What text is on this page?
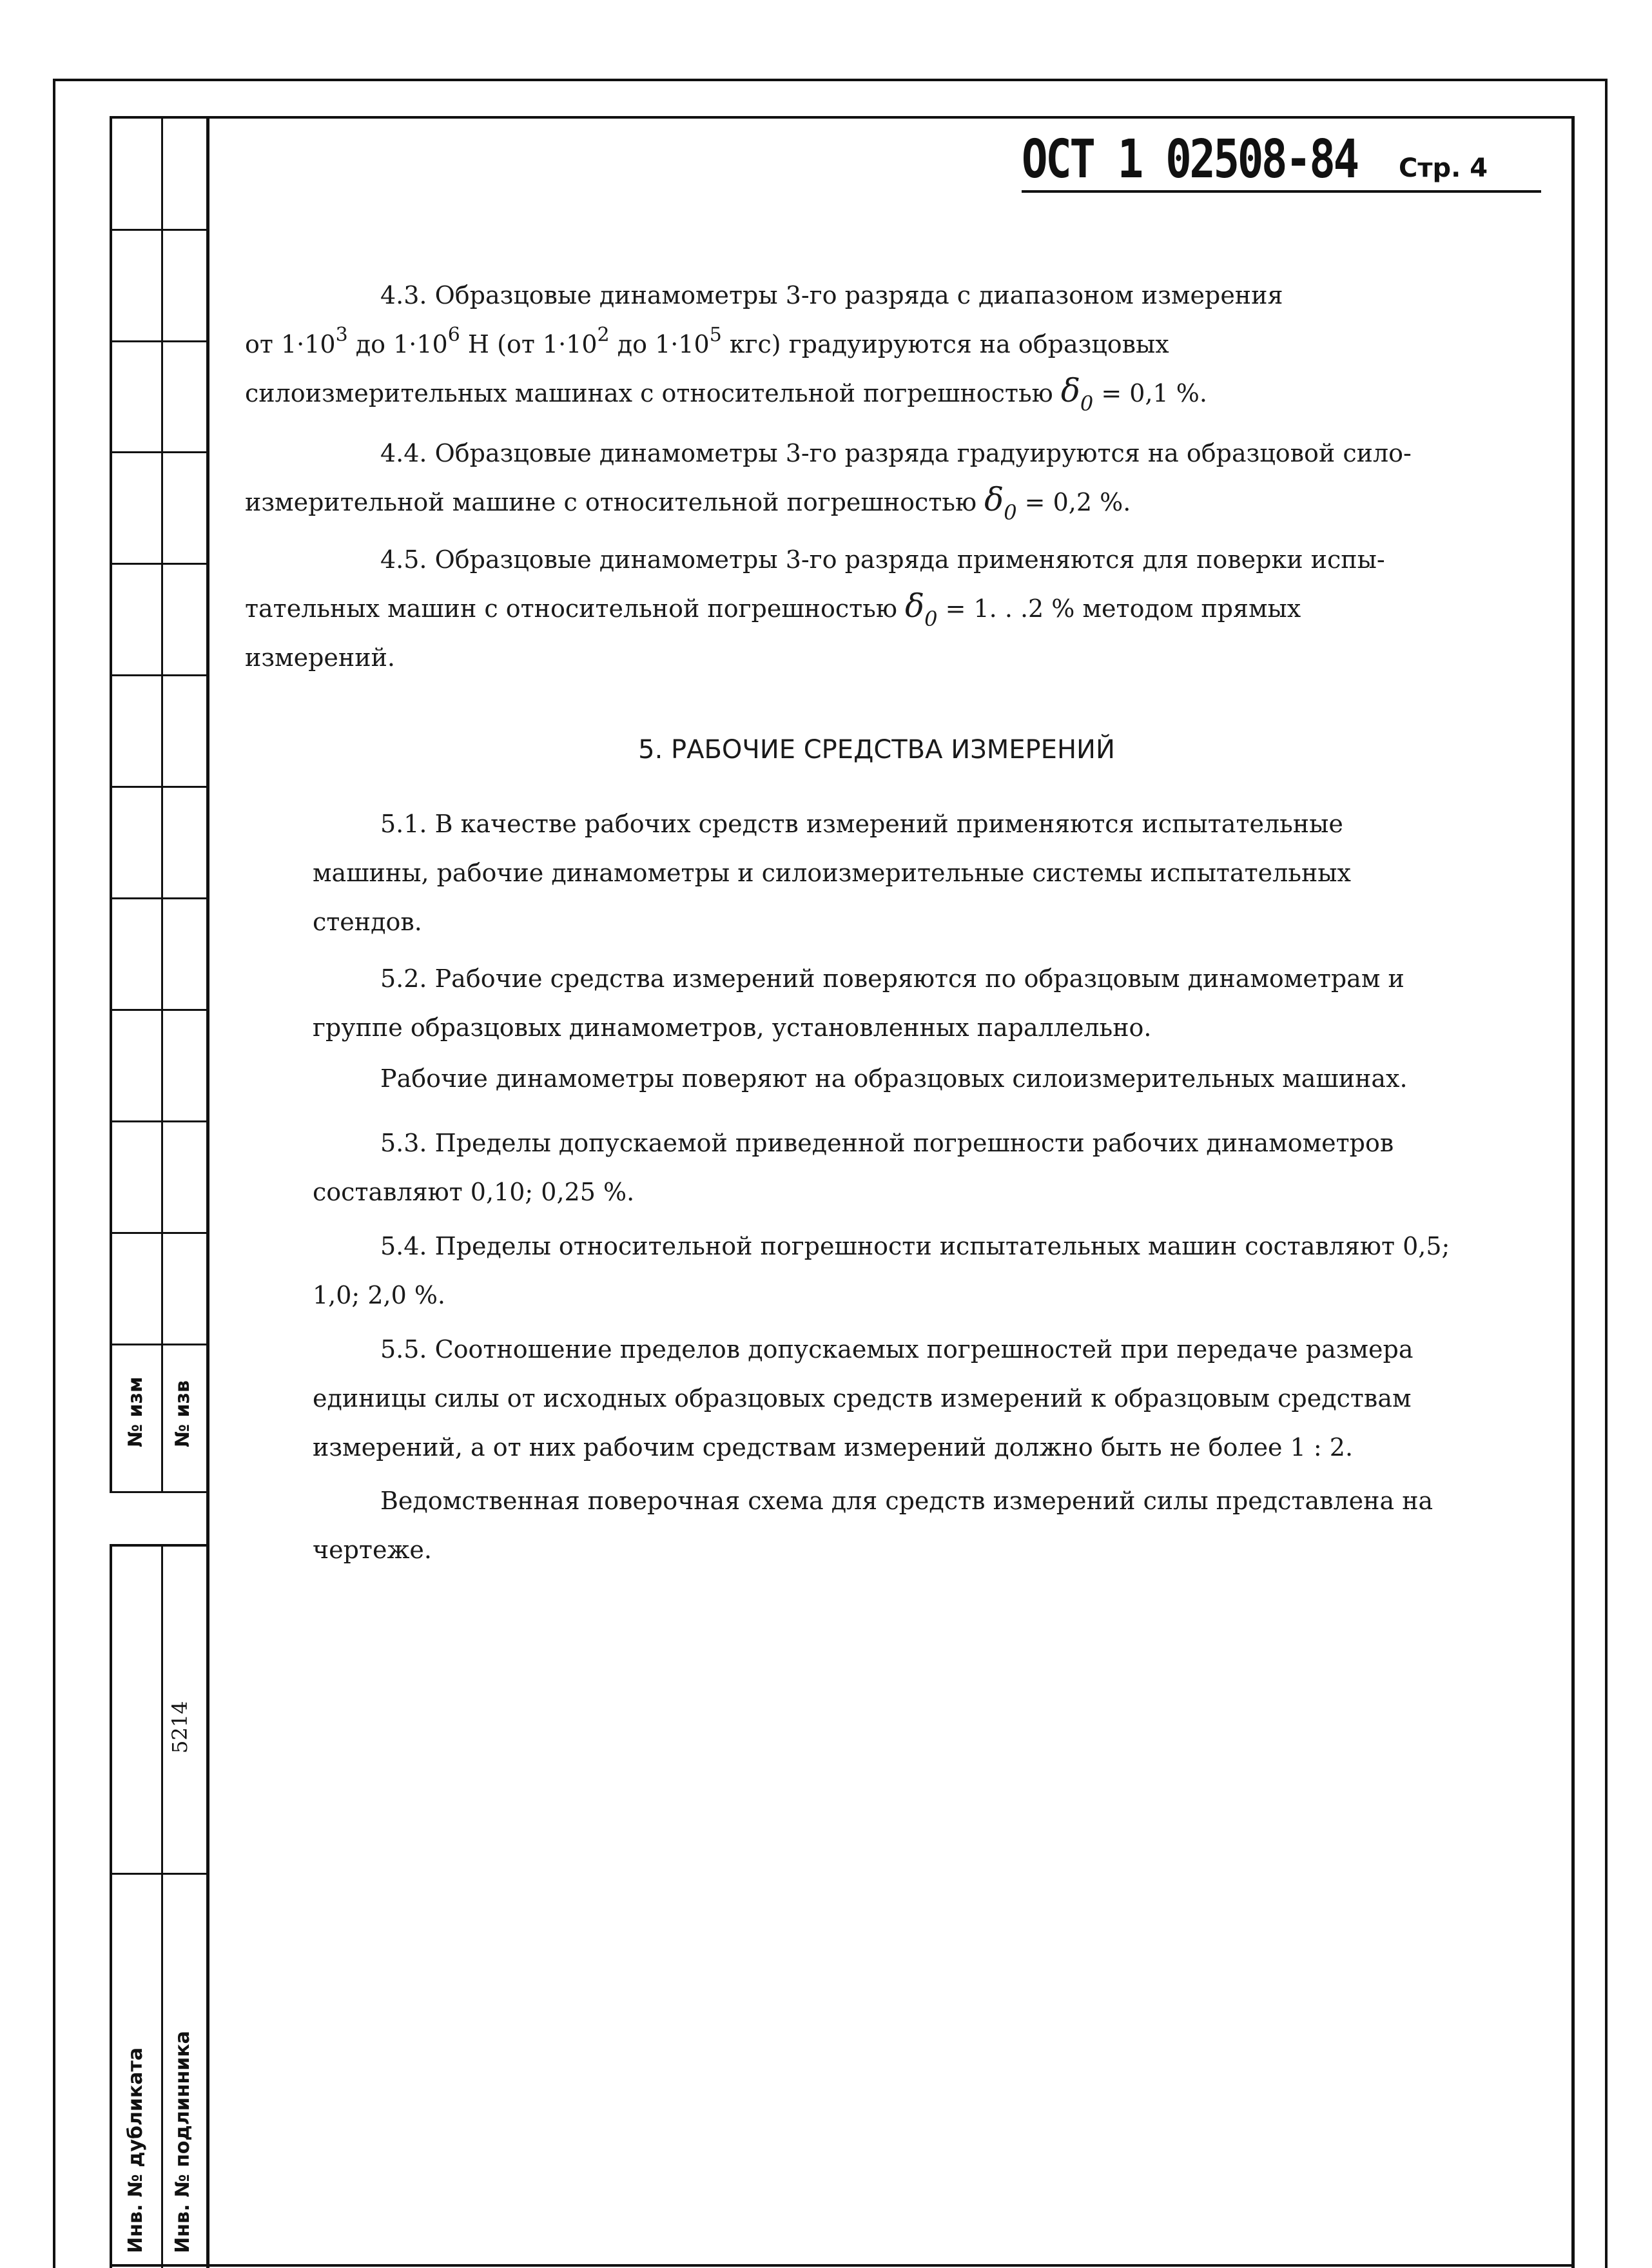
№ изм № изв
5214
Инв. № дубликата Инв. № подлинника
ОСТ 1 02508-84 Стр. 4
4.3. Образцовые динамометры 3-го разряда с диапазоном измерения
от $1\cdot 10^3$ до $1\cdot 10^6$ Н (от $1\cdot 10^2$ до $1\cdot 10^5$ кгс) градуируются на образцовых
силоизмерительных машинах с относительной погрешностью $\delta_0 = 0,1$ %.
4.4. Образцовые динамометры 3-го разряда градуируются на образцовой сило-
измерительной машине с относительной погрешностью $\delta_0 = 0,2$ %.
4.5. Образцовые динамометры 3-го разряда применяются для поверки испы-
тательных машин с относительной погрешностью $\delta_0 = 1$. . .2 % методом прямых
измерений.
5. РАБОЧИЕ СРЕДСТВА ИЗМЕРЕНИЙ
5.1. В качестве рабочих средств измерений применяются испытательные машины, рабочие динамометры и силоизмерительные системы испытательных стендов.
5.2. Рабочие средства измерений поверяются по образцовым динамометрам и группе образцовых динамометров, установленных параллельно.
Рабочие динамометры поверяют на образцовых силоизмерительных машинах.
5.3. Пределы допускаемой приведенной погрешности рабочих динамометров составляют 0,10; 0,25 %.
5.4. Пределы относительной погрешности испытательных машин составляют 0,5; 1,0; 2,0 %.
5.5. Соотношение пределов допускаемых погрешностей при передаче размера единицы силы от исходных образцовых средств измерений к образцовым средствам измерений, а от них рабочим средствам измерений должно быть не более 1 : 2.
Ведомственная поверочная схема для средств измерений силы представлена на чертеже.
